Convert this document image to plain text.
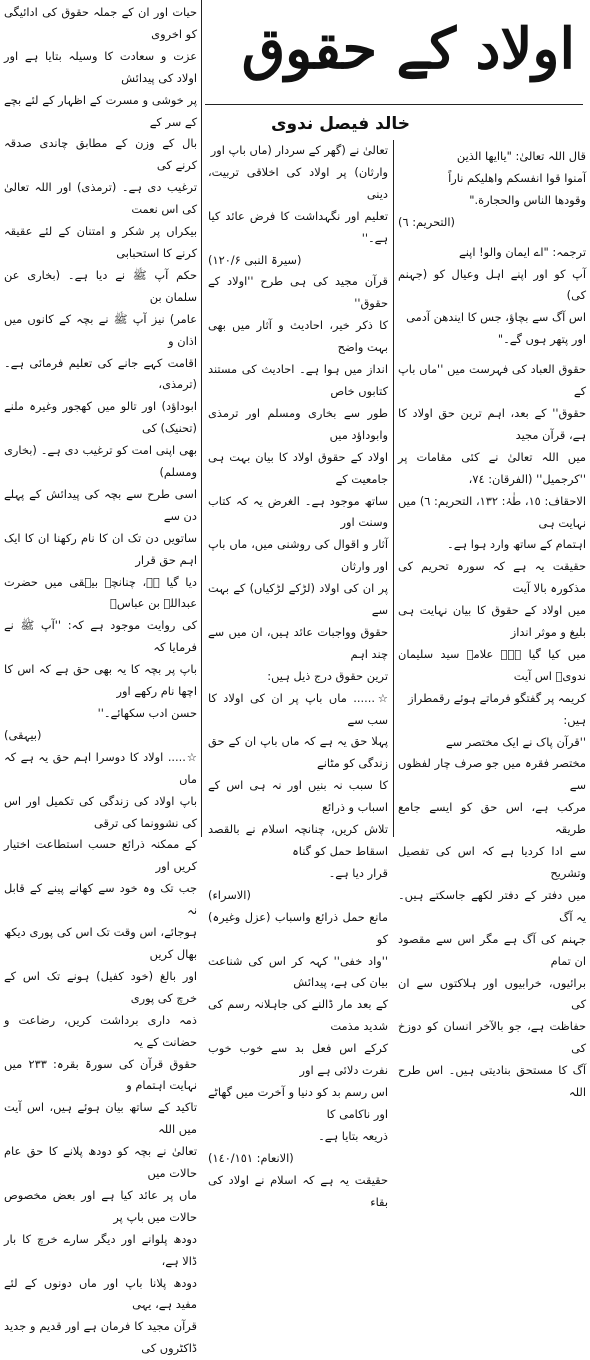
حیات اور ان کے جملہ حقوق کی ادائیگی کو اخروی

عزت و سعادت کا وسیلہ بتایا ہے اور اولاد کی پیدائش

پر خوشی و مسرت کے اظہار کے لئے بچے کے سر کے

بال کے وزن کے مطابق چاندی صدقہ کرنے کی

ترغیب دی ہے۔ (ترمذی) اور اللہ تعالیٰ کی اس نعمت

بیکراں پر شکر و امتنان کے لئے عقیقہ کرنے کا استحبابی

حکم آپ ﷺ نے دیا ہے۔ (بخاری عن سلمان بن

عامر) نیز آپ ﷺ نے بچہ کے کانوں میں اذان و

اقامت کہے جانے کی تعلیم فرمائی ہے۔ (ترمذی،

ابوداؤد) اور تالو میں کھجور وغیرہ ملنے (تحنیک) کی

بھی اپنی امت کو ترغیب دی ہے۔ (بخاری ومسلم)

اسی طرح سے بچہ کی پیدائش کے پہلے دن سے

ساتویں دن تک ان کا نام رکھنا ان کا ایک اہم حق قرار

دیا گیا ہے، چنانچہ بیہقی میں حضرت عبداللہ بن عباسؓ

کی روایت موجود ہے کہ: ''آپ ﷺ نے فرمایا کہ

باپ پر بچہ کا یہ بھی حق ہے کہ اس کا اچھا نام رکھے اور

حسن ادب سکھائے۔''

(بیہقی)

☆..... اولاد کا دوسرا اہم حق یہ ہے کہ ماں

باپ اولاد کی زندگی کی تکمیل اور اس کی نشوونما کی ترقی

کے ممکنہ ذرائع حسب استطاعت اختیار کریں اور

جب تک وہ خود سے کھانے پینے کے قابل نہ

ہوجائے، اس وقت تک اس کی پوری دیکھ بھال کریں

اور بالغ (خود کفیل) ہونے تک اس کے خرچ کی پوری

ذمہ داری برداشت کریں، رضاعت و حضانت کے یہ

حقوق قرآن کی سورۃ بقرہ: ٢٣٣ میں نہایت اہتمام و

تاکید کے ساتھ بیان ہوئے ہیں، اس آیت میں اللہ

تعالیٰ نے بچہ کو دودھ پلانے کا حق عام حالات میں

ماں پر عائد کیا ہے اور بعض مخصوص حالات میں باپ پر

دودھ پلوانے اور دیگر سارے خرچ کا بار ڈالا ہے،

دودھ پلانا باپ اور ماں دونوں کے لئے مفید ہے، یہی

قرآن مجید کا فرمان ہے اور قدیم و جدید ڈاکٹروں کی

اولاد کے حقوق
خالد فیصل ندوی

تعالیٰ نے (گھر کے سردار (ماں باپ اور

وارثان) پر اولاد کی اخلاقی تربیت، دینی

تعلیم اور نگہداشت کا فرض عائد کیا ہے۔''

(سیرۃ النبی ۱۲۰/۶)

قرآن مجید کی ہی طرح ''اولاد کے حقوق''

کا ذکر خیر، احادیث و آثار میں بھی بہت واضح

انداز میں ہوا ہے۔ احادیث کی مستند کتابوں خاص

طور سے بخاری ومسلم اور ترمذی وابوداؤد میں

اولاد کے حقوق اولاد کا بیان بہت ہی جامعیت کے

ساتھ موجود ہے۔ الغرض یہ کہ کتاب وسنت اور

آثار و اقوال کی روشنی میں، ماں باپ اور وارثان

پر ان کی اولاد (لڑکے لڑکیاں) کے بہت سے

حقوق وواجبات عائد ہیں، ان میں سے چند اہم

ترین حقوق درج ذیل ہیں:

☆...... ماں باپ پر ان کی اولاد کا سب سے

پہلا حق یہ ہے کہ ماں باپ ان کے حق زندگی کو مٹانے

کا سبب نہ بنیں اور نہ ہی اس کے اسباب و ذرائع

تلاش کریں، چنانچہ اسلام نے بالقصد اسقاط حمل کو گناہ

قرار دیا ہے۔

(الاسراء)

مانع حمل ذرائع واسباب (عزل وغیرہ) کو

''واد خفی'' کہہ کر اس کی شناعت بیان کی ہے، پیدائش

کے بعد مار ڈالنے کی جاہلانہ رسم کی شدید مذمت

کرکے اس فعل بد سے خوب خوب نفرت دلائی ہے اور

اس رسم بد کو دنیا و آخرت میں گھاٹے اور ناکامی کا

ذریعہ بتایا ہے۔

(الانعام: ١٤٠/١٥١)

حقیقت یہ ہے کہ اسلام نے اولاد کی بقاء

قال اللہ تعالیٰ: "یاایھا الذین

آمنوا قوا انفسکم واھلیکم ناراً

وقودھا الناس والحجارة."

(التحریم: ٦)

ترجمہ: "اے ایمان والو! اپنے

آپ کو اور اپنے اہل وعیال کو (جہنم کی)

اس آگ سے بچاؤ، جس کا ایندھن آدمی

اور پتھر ہوں گے۔"

حقوق العباد کی فہرست میں ''ماں باپ کے

حقوق'' کے بعد، اہم ترین حق اولاد کا ہے، قرآن مجید

میں اللہ تعالیٰ نے کئی مقامات پر ''کرجمیل'' (الفرقان: ٧٤،

الاحقاف: ١٥، طٰہٰ: ١٣٢، التحریم: ٦) میں نہایت ہی

اہتمام کے ساتھ وارد ہوا ہے۔

حقیقت یہ ہے کہ سورہ تحریم کی مذکورہ بالا آیت

میں اولاد کے حقوق کا بیان نہایت ہی بلیغ و موثر انداز

میں کیا گیا ہے۔ علامہ سید سلیمان ندویؒ اس آیت

کریمہ پر گفتگو فرماتے ہوئے رقمطراز ہیں:

''قرآن پاک نے ایک مختصر سے

مختصر فقرہ میں جو صرف چار لفظوں سے

مرکب ہے، اس حق کو ایسے جامع طریقہ

سے ادا کردیا ہے کہ اس کی تفصیل وتشریح

میں دفتر کے دفتر لکھے جاسکتے ہیں۔ یہ آگ

جہنم کی آگ ہے مگر اس سے مقصود ان تمام

برائیوں، خرابیوں اور ہلاکتوں سے ان کی

حفاظت ہے، جو بالآخر انسان کو دوزخ کی

آگ کا مستحق بنادیتی ہیں۔ اس طرح اللہ
